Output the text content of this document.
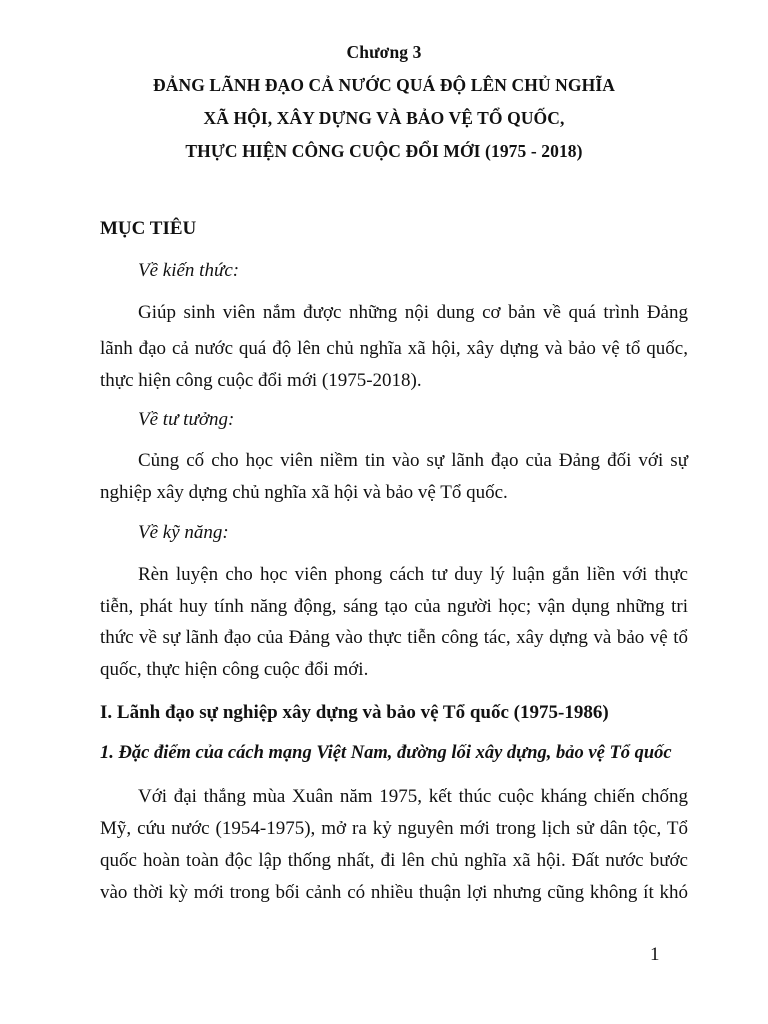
Chương 3
ĐẢNG LÃNH ĐẠO CẢ NƯỚC QUÁ ĐỘ LÊN CHỦ NGHĨA
XÃ HỘI, XÂY DỰNG VÀ BẢO VỆ TỔ QUỐC,
THỰC HIỆN CÔNG CUỘC ĐỔI MỚI (1975 - 2018)
MỤC TIÊU
Về kiến thức:
Giúp sinh viên nắm được những nội dung cơ bản về quá trình Đảng
lãnh đạo cả nước quá độ lên chủ nghĩa xã hội, xây dựng và bảo vệ tổ quốc,
thực hiện công cuộc đổi mới (1975-2018).
Về tư tưởng:
Củng cố cho học viên niềm tin vào sự lãnh đạo của Đảng đối với sự
nghiệp xây dựng chủ nghĩa xã hội và bảo vệ Tổ quốc.
Về kỹ năng:
Rèn luyện cho học viên phong cách tư duy lý luận gắn liền với thực
tiễn, phát huy tính năng động, sáng tạo của người học; vận dụng những tri
thức về sự lãnh đạo của Đảng vào thực tiễn công tác, xây dựng và bảo vệ tổ
quốc, thực hiện công cuộc đổi mới.
I. Lãnh đạo sự nghiệp xây dựng và bảo vệ Tổ quốc (1975-1986)
1. Đặc điểm của cách mạng Việt Nam, đường lối xây dựng, bảo vệ Tổ quốc
Với đại thắng mùa Xuân năm 1975, kết thúc cuộc kháng chiến chống
Mỹ, cứu nước (1954-1975), mở ra kỷ nguyên mới trong lịch sử dân tộc, Tổ
quốc hoàn toàn độc lập thống nhất, đi lên chủ nghĩa xã hội. Đất nước bước
vào thời kỳ mới trong bối cảnh có nhiều thuận lợi nhưng cũng không ít khó
1
